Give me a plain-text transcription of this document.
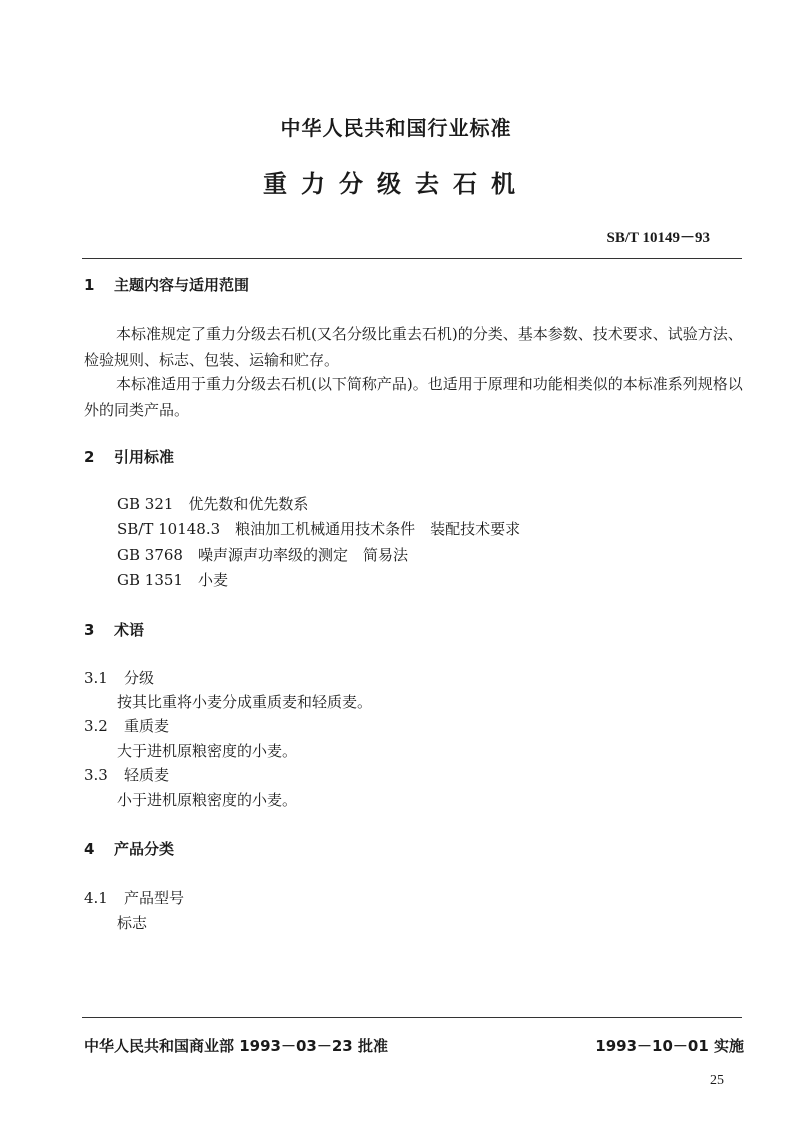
中华人民共和国行业标准
重力分级去石机
SB/T 10149－93
1 主题内容与适用范围
本标准规定了重力分级去石机(又名分级比重去石机)的分类、基本参数、技术要求、试验方法、检验规则、标志、包装、运输和贮存。
本标准适用于重力分级去石机(以下简称产品)。也适用于原理和功能相类似的本标准系列规格以外的同类产品。
2 引用标准
GB 321　优先数和优先数系
SB/T 10148.3　粮油加工机械通用技术条件　装配技术要求
GB 3768　噪声源声功率级的测定　简易法
GB 1351　小麦
3 术语
3.1 分级
按其比重将小麦分成重质麦和轻质麦。
3.2 重质麦
大于进机原粮密度的小麦。
3.3 轻质麦
小于进机原粮密度的小麦。
4 产品分类
4.1 产品型号
标志
中华人民共和国商业部 1993－03－23 批准	1993－10－01 实施
25
